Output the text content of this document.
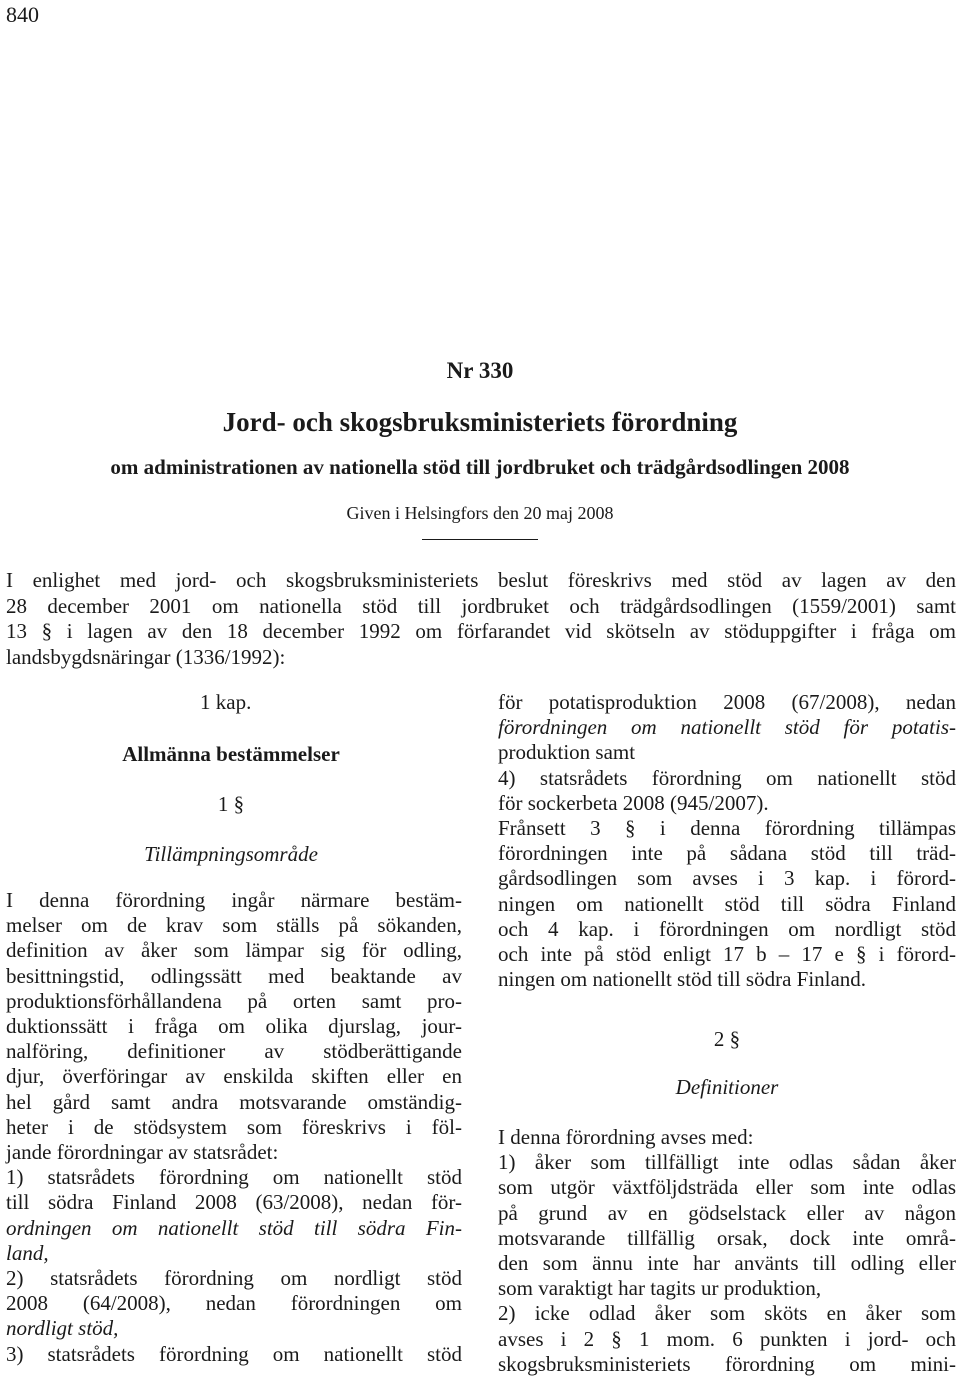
840
Nr 330
Jord- och skogsbruksministeriets förordning
om administrationen av nationella stöd till jordbruket och trädgårdsodlingen 2008
Given i Helsingfors den 20 maj 2008
I enlighet med jord- och skogsbruksministeriets beslut föreskrivs med stöd av lagen av den
28 december 2001 om nationella stöd till jordbruket och trädgårdsodlingen (1559/2001) samt
13 § i lagen av den 18 december 1992 om förfarandet vid skötseln av stöduppgifter i fråga om
landsbygdsnäringar (1336/1992):
1 kap.
Allmänna bestämmelser
1 §
Tillämpningsområde
I denna förordning ingår närmare bestäm-
melser om de krav som ställs på sökanden,
definition av åker som lämpar sig för odling,
besittningstid, odlingssätt med beaktande av
produktionsförhållandena på orten samt pro-
duktionssätt i fråga om olika djurslag, jour-
nalföring, definitioner av stödberättigande
djur, överföringar av enskilda skiften eller en
hel gård samt andra motsvarande omständig-
heter i de stödsystem som föreskrivs i föl-
jande förordningar av statsrådet:
1) statsrådets förordning om nationellt stöd
till södra Finland 2008 (63/2008), nedan för-
ordningen om nationellt stöd till södra Fin-
land,
2) statsrådets förordning om nordligt stöd
2008 (64/2008), nedan förordningen om
nordligt stöd,
3) statsrådets förordning om nationellt stöd
för potatisproduktion 2008 (67/2008), nedan
förordningen om nationellt stöd för potatis-
produktion samt
4) statsrådets förordning om nationellt stöd
för sockerbeta 2008 (945/2007).
Frånsett 3 § i denna förordning tillämpas
förordningen inte på sådana stöd till träd-
gårdsodlingen som avses i 3 kap. i förord-
ningen om nationellt stöd till södra Finland
och 4 kap. i förordningen om nordligt stöd
och inte på stöd enligt 17 b – 17 e § i förord-
ningen om nationellt stöd till södra Finland.
2 §
Definitioner
I denna förordning avses med:
1) åker som tillfälligt inte odlas sådan åker
som utgör växtföljdsträda eller som inte odlas
på grund av en gödselstack eller av någon
motsvarande tillfällig orsak, dock inte områ-
den som ännu inte har använts till odling eller
som varaktigt har tagits ur produktion,
2) icke odlad åker som sköts en åker som
avses i 2 § 1 mom. 6 punkten i jord- och
skogsbruksministeriets förordning om mini-
